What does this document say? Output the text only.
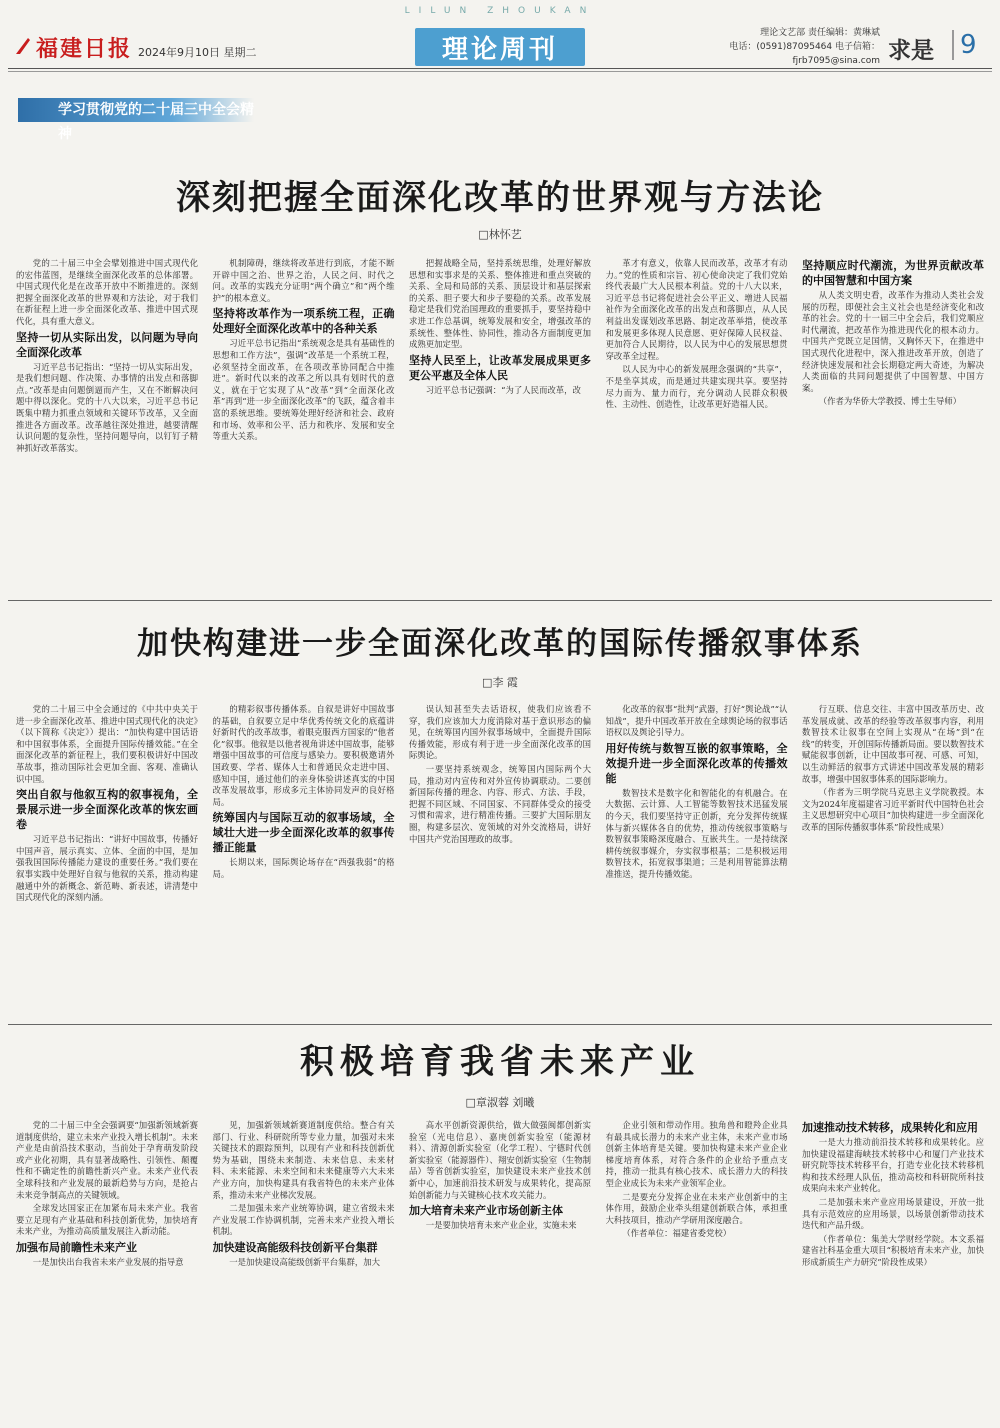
LILUN ZHOUKAN
福建日报 2024年9月10日 星期二	理论周刊
理论文艺部 责任编辑：黄琳斌
电话：(0591)87095464 电子信箱：fjrb7095@sina.com 求是	9
学习贯彻党的二十届三中全会精神
深刻把握全面深化改革的世界观与方法论
□林怀艺

党的二十届三中全会擘划推进中国式现代化的宏伟蓝图，是继续全面深化改革的总体部署。中国式现代化是在改革开放中不断推进的。深刻把握全面深化改革的世界观和方法论，对于我们在新征程上进一步全面深化改革、推进中国式现代化，具有重大意义。

坚持一切从实际出发，以问题为导向全面深化改革

习近平总书记指出：“坚持一切从实际出发，是我们想问题、作决策、办事情的出发点和落脚点。”改革是由问题倒逼而产生，又在不断解决问题中得以深化。党的十八大以来，习近平总书记既集中精力抓重点领域和关键环节改革，又全面推进各方面改革。改革越往深处推进，越要清醒认识问题的复杂性，坚持问题导向，以钉钉子精神抓好改革落实。

机制障碍，继续将改革进行到底，才能不断开辟中国之治、世界之治，人民之问、时代之问。改革的实践充分证明“两个确立”和“两个维护”的根本意义。

坚持将改革作为一项系统工程，正确处理好全面深化改革中的各种关系

习近平总书记指出“系统观念是具有基础性的思想和工作方法”，强调“改革是一个系统工程，必须坚持全面改革，在各项改革协同配合中推进”。新时代以来的改革之所以具有划时代的意义，就在于它实现了从“改革”到“全面深化改革”再到“进一步全面深化改革”的飞跃，蕴含着丰富的系统思维。要统筹处理好经济和社会、政府和市场、效率和公平、活力和秩序、发展和安全等重大关系。

把握战略全局，坚持系统思维，处理好解放思想和实事求是的关系、整体推进和重点突破的关系、全局和局部的关系、顶层设计和基层探索的关系、胆子要大和步子要稳的关系。改革发展稳定是我们党治国理政的重要抓手，要坚持稳中求进工作总基调，统筹发展和安全，增强改革的系统性、整体性、协同性，推动各方面制度更加成熟更加定型。

坚持人民至上，让改革发展成果更多更公平惠及全体人民

习近平总书记强调：“为了人民而改革，改

革才有意义，依靠人民而改革，改革才有动力。”党的性质和宗旨、初心使命决定了我们党始终代表最广大人民根本利益。党的十八大以来，习近平总书记将促进社会公平正义、增进人民福祉作为全面深化改革的出发点和落脚点，从人民利益出发谋划改革思路、制定改革举措，使改革和发展更多体现人民意愿、更好保障人民权益、更加符合人民期待，以人民为中心的发展思想贯穿改革全过程。

以人民为中心的新发展理念强调的“共享”，不是坐享其成，而是通过共建实现共享。要坚持尽力而为、量力而行，充分调动人民群众积极性、主动性、创造性，让改革更好造福人民。

坚持顺应时代潮流，为世界贡献改革的中国智慧和中国方案

从人类文明史看，改革作为推动人类社会发展的历程，即便社会主义社会也是经济变化和改革的社会。党的十一届三中全会后，我们党顺应时代潮流，把改革作为推进现代化的根本动力。中国共产党既立足国情，又胸怀天下，在推进中国式现代化进程中，深入推进改革开放，创造了经济快速发展和社会长期稳定两大奇迹，为解决人类面临的共同问题提供了中国智慧、中国方案。

（作者为华侨大学教授、博士生导师）

加快构建进一步全面深化改革的国际传播叙事体系
□李 霞

党的二十届三中全会通过的《中共中央关于进一步全面深化改革、推进中国式现代化的决定》（以下简称《决定》）提出：“加快构建中国话语和中国叙事体系，全面提升国际传播效能。”在全面深化改革的新征程上，我们要积极讲好中国改革故事，推动国际社会更加全面、客观、准确认识中国。

突出自叙与他叙互构的叙事视角，全景展示进一步全面深化改革的恢宏画卷

习近平总书记指出：“讲好中国故事，传播好中国声音，展示真实、立体、全面的中国，是加强我国国际传播能力建设的重要任务。”我们要在叙事实践中处理好自叙与他叙的关系，推动构建融通中外的新概念、新范畴、新表述，讲清楚中国式现代化的深刻内涵。

的精彩叙事传播体系。自叙是讲好中国故事的基础，自叙要立足中华优秀传统文化的底蕴讲好新时代的改革故事，着眼克服西方国家的“他者化”叙事。他叙是以他者视角讲述中国故事，能够增强中国故事的可信度与感染力。要积极邀请外国政要、学者、媒体人士和普通民众走进中国、感知中国，通过他们的亲身体验讲述真实的中国改革发展故事，形成多元主体协同发声的良好格局。

统筹国内与国际互动的叙事场域，全域壮大进一步全面深化改革的叙事传播正能量

长期以来，国际舆论场存在“西强我弱”的格局。

误认知甚至失去话语权，使我们应该看不穿，我们应该加大力度消除对基于意识形态的偏见，在统筹国内国外叙事场域中，全面提升国际传播效能，形成有利于进一步全面深化改革的国际舆论。

一要坚持系统观念，统筹国内国际两个大局，推动对内宣传和对外宣传协调联动。二要创新国际传播的理念、内容、形式、方法、手段，把握不同区域、不同国家、不同群体受众的接受习惯和需求，进行精准传播。三要扩大国际朋友圈，构建多层次、宽领域的对外交流格局，讲好中国共产党治国理政的故事。

化改革的叙事“批判”武器，打好“舆论战”“认知战”，提升中国改革开放在全球舆论场的叙事话语权以及舆论引导力。

用好传统与数智互嵌的叙事策略，全效提升进一步全面深化改革的传播效能

数智技术是数字化和智能化的有机融合。在大数据、云计算、人工智能等数智技术迅猛发展的今天，我们要坚持守正创新，充分发挥传统媒体与新兴媒体各自的优势，推动传统叙事策略与数智叙事策略深度融合、互嵌共生。一是持续深耕传统叙事媒介，夯实叙事根基；二是积极运用数智技术，拓宽叙事渠道；三是利用智能算法精准推送，提升传播效能。

行互联、信息交往、丰富中国改革历史、改革发展成就、改革的经验等改革叙事内容，利用数智技术让叙事在空间上实现从“在场”到“在线”的转变，开创国际传播新局面。要以数智技术赋能叙事创新，让中国故事可视、可感、可知，以生动鲜活的叙事方式讲述中国改革发展的精彩故事，增强中国叙事体系的国际影响力。

（作者为三明学院马克思主义学院教授。本文为2024年度福建省习近平新时代中国特色社会主义思想研究中心项目“加快构建进一步全面深化改革的国际传播叙事体系”阶段性成果）

积极培育我省未来产业
□章淑蓉 刘曦

党的二十届三中全会强调要“加强新领域新赛道制度供给，建立未来产业投入增长机制”。未来产业是由前沿技术驱动，当前处于孕育萌发阶段或产业化初期，具有显著战略性、引领性、颠覆性和不确定性的前瞻性新兴产业。未来产业代表全球科技和产业发展的最新趋势与方向，是抢占未来竞争制高点的关键领域。

全球发达国家正在加紧布局未来产业。我省要立足现有产业基础和科技创新优势，加快培育未来产业，为推动高质量发展注入新动能。

加强布局前瞻性未来产业

一是加快出台我省未来产业发展的指导意

见，加强新领域新赛道制度供给。整合有关部门、行业、科研院所等专业力量，加强对未来关键技术的跟踪预判，以现有产业和科技创新优势为基础，围绕未来制造、未来信息、未来材料、未来能源、未来空间和未来健康等六大未来产业方向，加快构建具有我省特色的未来产业体系，推动未来产业梯次发展。

二是加强未来产业统筹协调，建立省级未来产业发展工作协调机制，完善未来产业投入增长机制。

加快建设高能级科技创新平台集群

一是加快建设高能级创新平台集群，加大

高水平创新资源供给，做大做强闽都创新实验室（光电信息）、嘉庚创新实验室（能源材料）、清源创新实验室（化学工程）、宁德时代创新实验室（能源器件）、翔安创新实验室（生物制品）等省创新实验室，加快建设未来产业技术创新中心，加速前沿技术研发与成果转化，提高原始创新能力与关键核心技术攻关能力。

加大培育未来产业市场创新主体

一是要加快培育未来产业企业，实施未来

企业引领和带动作用。独角兽和瞪羚企业具有最具成长潜力的未来产业主体，未来产业市场创新主体培育是关键。要加快构建未来产业企业梯度培育体系，对符合条件的企业给予重点支持，推动一批具有核心技术、成长潜力大的科技型企业成长为未来产业领军企业。

二是要充分发挥企业在未来产业创新中的主体作用，鼓励企业牵头组建创新联合体，承担重大科技项目，推动产学研用深度融合。

（作者单位：福建省委党校）

加速推动技术转移，成果转化和应用

一是大力推动前沿技术转移和成果转化。应加快建设福建海峡技术转移中心和厦门产业技术研究院等技术转移平台，打造专业化技术转移机构和技术经理人队伍，推动高校和科研院所科技成果向未来产业转化。

二是加强未来产业应用场景建设，开放一批具有示范效应的应用场景，以场景创新带动技术迭代和产品升级。

（作者单位：集美大学财经学院。本文系福建省社科基金重大项目“积极培育未来产业，加快形成新质生产力研究”阶段性成果）
